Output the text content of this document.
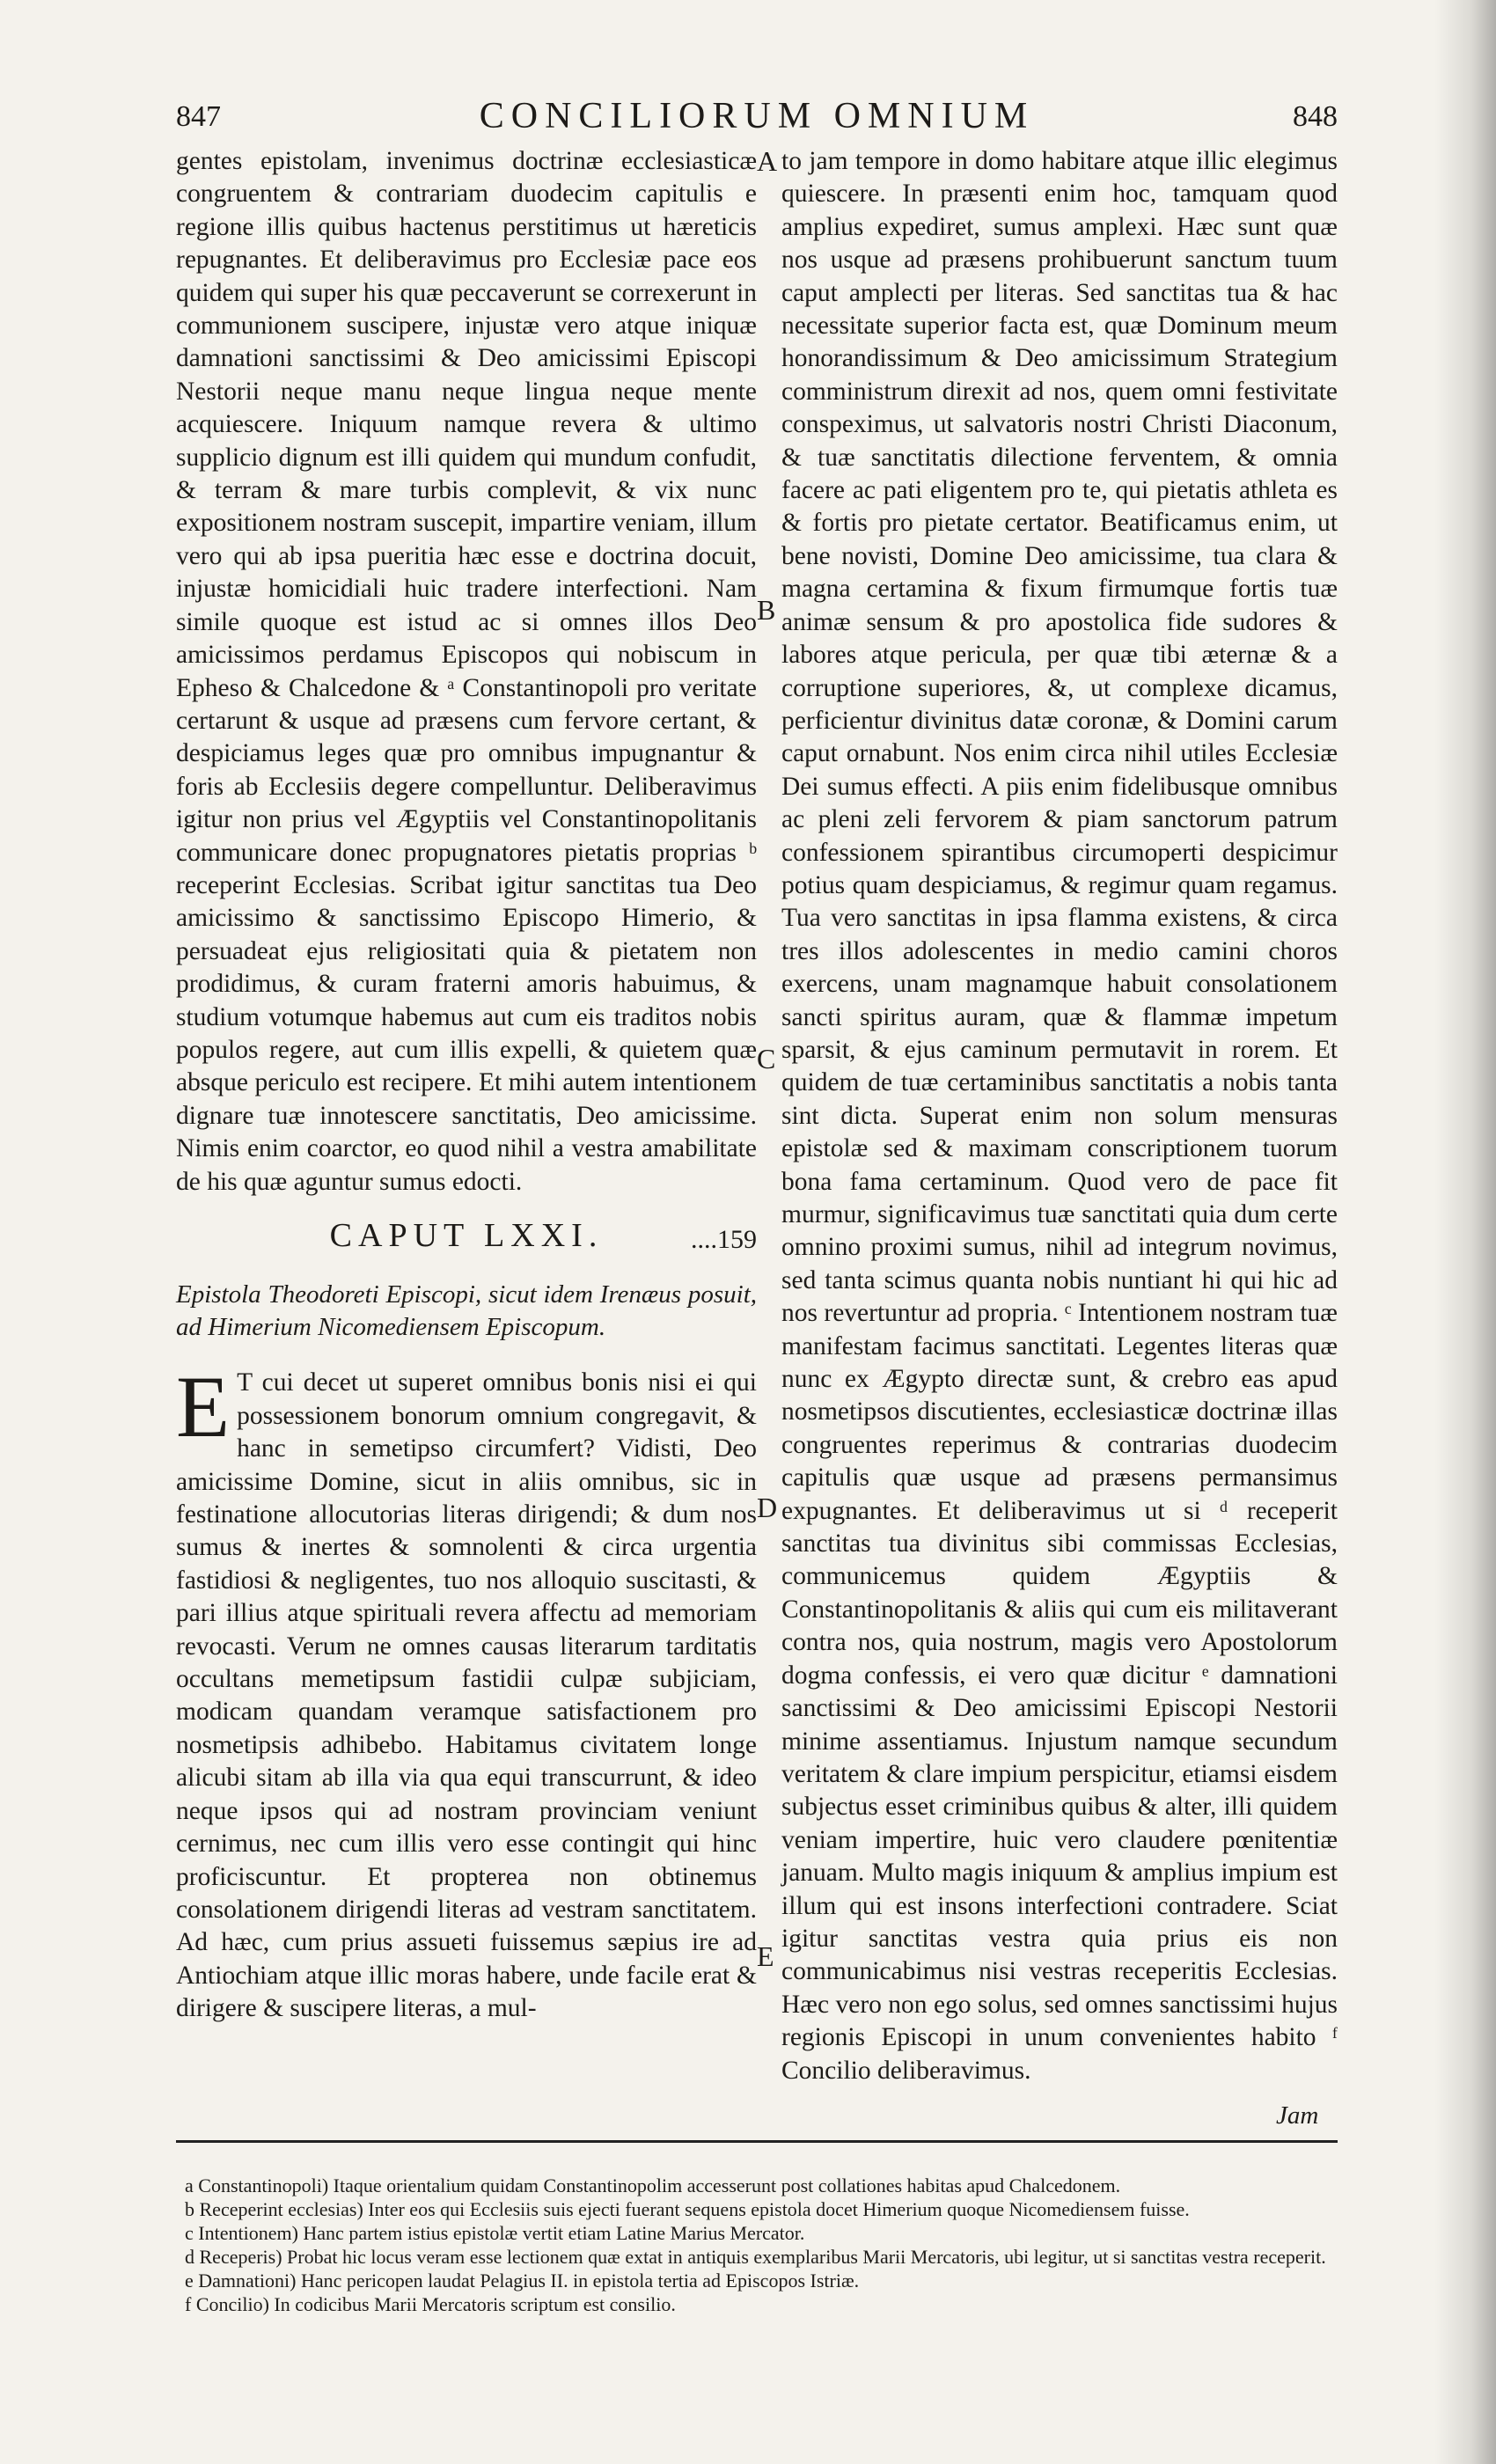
847	CONCILIORUM OMNIUM	848

gentes epistolam, invenimus doctrinæ ecclesiasticæ congruentem & contrariam duodecim capitulis e regione illis quibus hactenus perstitimus ut hæreticis repugnantes. Et deliberavimus pro Ecclesiæ pace eos quidem qui super his quæ peccaverunt se correxerunt in communionem suscipere, injustæ vero atque iniquæ damnationi sanctissimi & Deo amicissimi Episcopi Nestorii neque manu neque lingua neque mente acquiescere. Iniquum namque revera & ultimo supplicio dignum est illi quidem qui mundum confudit, & terram & mare turbis complevit, & vix nunc expositionem nostram suscepit, impartire veniam, illum vero qui ab ipsa pueritia hæc esse e doctrina docuit, injustæ homicidiali huic tradere interfectioni. Nam simile quoque est istud ac si omnes illos Deo amicissimos perdamus Episcopos qui nobiscum in Epheso & Chalcedone & ᵃ Constantinopoli pro veritate certarunt & usque ad præsens cum fervore certant, & despiciamus leges quæ pro omnibus impugnantur & foris ab Ecclesiis degere compelluntur. Deliberavimus igitur non prius vel Ægyptiis vel Constantinopolitanis communicare donec propugnatores pietatis proprias ᵇ receperint Ecclesias. Scribat igitur sanctitas tua Deo amicissimo & sanctissimo Episcopo Himerio, & persuadeat ejus religiositati quia & pietatem non prodidimus, & curam fraterni amoris habuimus, & studium votumque habemus aut cum eis traditos nobis populos regere, aut cum illis expelli, & quietem quæ absque periculo est recipere. Et mihi autem intentionem dignare tuæ innotescere sanctitatis, Deo amicissime. Nimis enim coarctor, eo quod nihil a vestra amabilitate de his quæ aguntur sumus edocti.

CAPUT LXXI.	....159
Epistola Theodoreti Episcopi, sicut idem Irenæus posuit, ad Himerium Nicomediensem Episcopum.

E T cui decet ut superet omnibus bonis nisi ei qui possessionem bonorum omnium congregavit, & hanc in semetipso circumfert? Vidisti, Deo amicissime Domine, sicut in aliis omnibus, sic in festinatione allocutorias literas dirigendi; & dum nos sumus & inertes & somnolenti & circa urgentia fastidiosi & negligentes, tuo nos alloquio suscitasti, & pari illius atque spirituali revera affectu ad memoriam revocasti. Verum ne omnes causas literarum tarditatis occultans memetipsum fastidii culpæ subjiciam, modicam quandam veramque satisfactionem pro nosmetipsis adhibebo. Habitamus civitatem longe alicubi sitam ab illa via qua equi transcurrunt, & ideo neque ipsos qui ad nostram provinciam veniunt cernimus, nec cum illis vero esse contingit qui hinc proficiscuntur. Et propterea non obtinemus consolationem dirigendi literas ad vestram sanctitatem. Ad hæc, cum prius assueti fuissemus sæpius ire ad Antiochiam atque illic moras habere, unde facile erat & dirigere & suscipere literas, a mul-

to jam tempore in domo habitare atque illic elegimus quiescere. In præsenti enim hoc, tamquam quod amplius expediret, sumus amplexi. Hæc sunt quæ nos usque ad præsens prohibuerunt sanctum tuum caput amplecti per literas. Sed sanctitas tua & hac necessitate superior facta est, quæ Dominum meum honorandissimum & Deo amicissimum Strategium comministrum direxit ad nos, quem omni festivitate conspeximus, ut salvatoris nostri Christi Diaconum, & tuæ sanctitatis dilectione ferventem, & omnia facere ac pati eligentem pro te, qui pietatis athleta es & fortis pro pietate certator. Beatificamus enim, ut bene novisti, Domine Deo amicissime, tua clara & magna certamina & fixum firmumque fortis tuæ animæ sensum & pro apostolica fide sudores & labores atque pericula, per quæ tibi æternæ & a corruptione superiores, &, ut complexe dicamus, perficientur divinitus datæ coronæ, & Domini carum caput ornabunt. Nos enim circa nihil utiles Ecclesiæ Dei sumus effecti. A piis enim fidelibusque omnibus ac pleni zeli fervorem & piam sanctorum patrum confessionem spirantibus circumoperti despicimur potius quam despiciamus, & regimur quam regamus. Tua vero sanctitas in ipsa flamma existens, & circa tres illos adolescentes in medio camini choros exercens, unam magnamque habuit consolationem sancti spiritus auram, quæ & flammæ impetum sparsit, & ejus caminum permutavit in rorem. Et quidem de tuæ certaminibus sanctitatis a nobis tanta sint dicta. Superat enim non solum mensuras epistolæ sed & maximam conscriptionem tuorum bona fama certaminum. Quod vero de pace fit murmur, significavimus tuæ sanctitati quia dum certe omnino proximi sumus, nihil ad integrum novimus, sed tanta scimus quanta nobis nuntiant hi qui hic ad nos revertuntur ad propria. ᶜ Intentionem nostram tuæ manifestam facimus sanctitati. Legentes literas quæ nunc ex Ægypto directæ sunt, & crebro eas apud nosmetipsos discutientes, ecclesiasticæ doctrinæ illas congruentes reperimus & contrarias duodecim capitulis quæ usque ad præsens permansimus expugnantes. Et deliberavimus ut si ᵈ receperit sanctitas tua divinitus sibi commissas Ecclesias, communicemus quidem Ægyptiis & Constantinopolitanis & aliis qui cum eis militaverant contra nos, quia nostrum, magis vero Apostolorum dogma confessis, ei vero quæ dicitur ᵉ damnationi sanctissimi & Deo amicissimi Episcopi Nestorii minime assentiamus. Injustum namque secundum veritatem & clare impium perspicitur, etiamsi eisdem subjectus esset criminibus quibus & alter, illi quidem veniam impertire, huic vero claudere pœnitentiæ januam. Multo magis iniquum & amplius impium est illum qui est insons interfectioni contradere. Sciat igitur sanctitas vestra quia prius eis non communicabimus nisi vestras receperitis Ecclesias. Hæc vero non ego solus, sed omnes sanctissimi hujus regionis Episcopi in unum convenientes habito ᶠ Concilio deliberavimus.

A
B
C
D
E
Jam

a Constantinopoli) Itaque orientalium quidam Constantinopolim accesserunt post collationes habitas apud Chalcedonem.

b Receperint ecclesias) Inter eos qui Ecclesiis suis ejecti fuerant sequens epistola docet Himerium quoque Nicomediensem fuisse.

c Intentionem) Hanc partem istius epistolæ vertit etiam Latine Marius Mercator.

d Receperis) Probat hic locus veram esse lectionem quæ extat in antiquis exemplaribus Marii Mercatoris, ubi legitur, ut si sanctitas vestra receperit.

e Damnationi) Hanc pericopen laudat Pelagius II. in epistola tertia ad Episcopos Istriæ.

f Concilio) In codicibus Marii Mercatoris scriptum est consilio.
